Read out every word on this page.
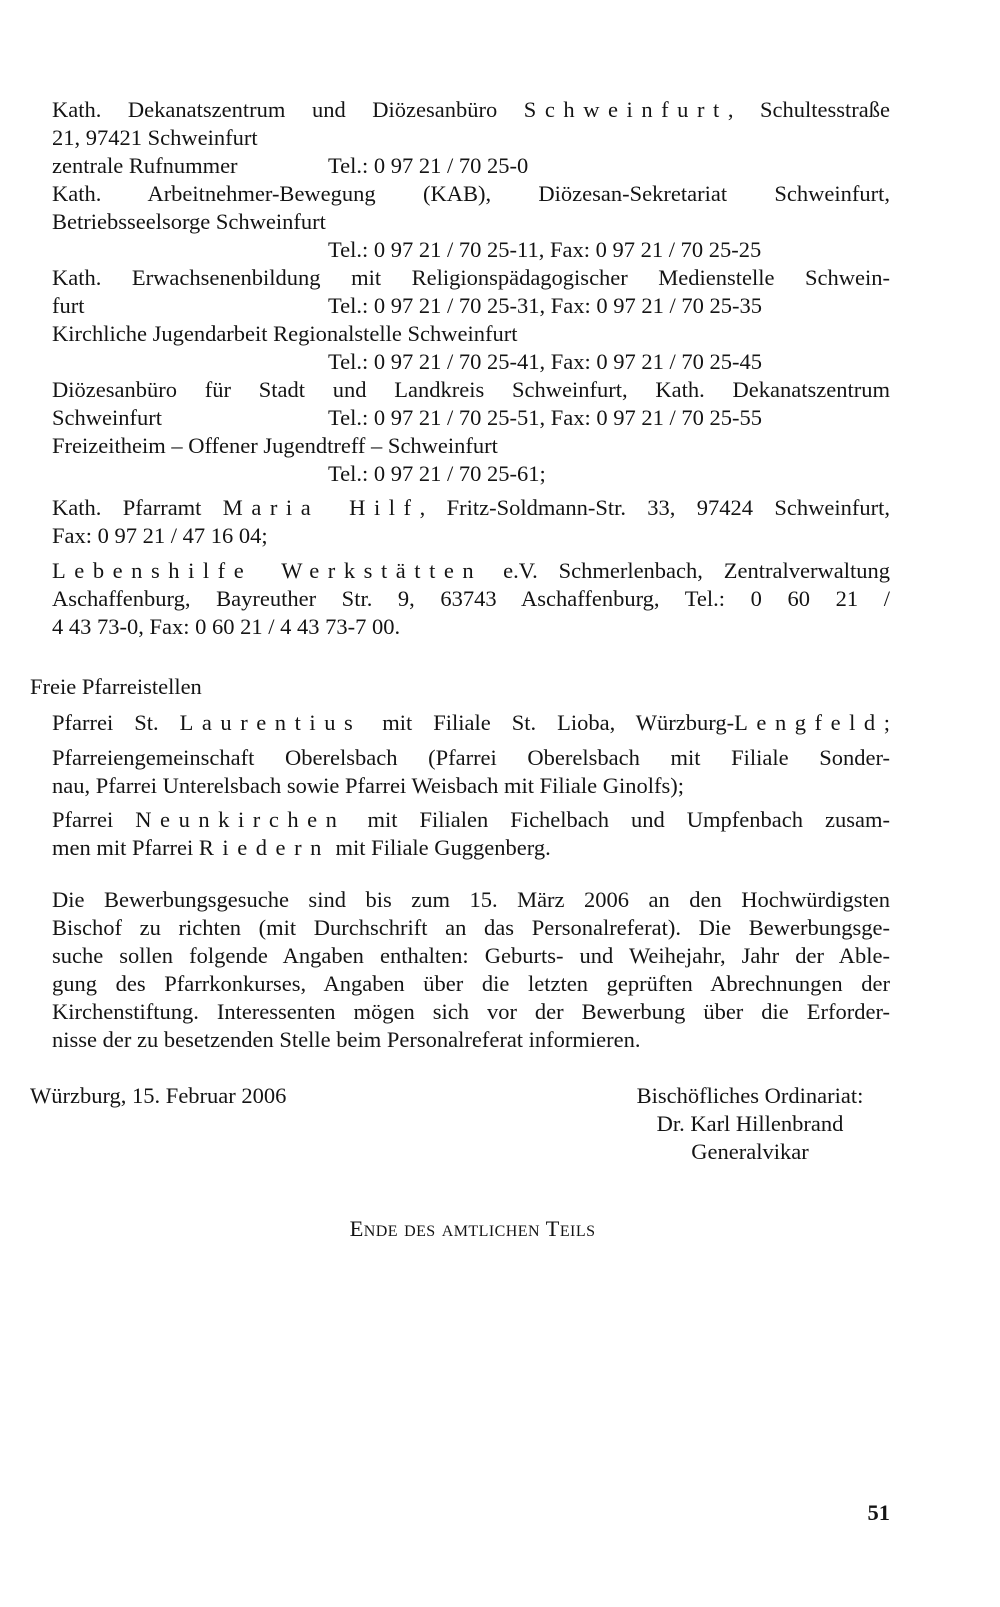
Kath. Dekanatszentrum und Diözesanbüro Schweinfurt, Schultesstraße
21, 97421 Schweinfurt
zentrale Rufnummer	Tel.: 0 97 21 / 70 25-0
Kath. Arbeitnehmer-Bewegung (KAB), Diözesan-Sekretariat Schweinfurt,
Betriebsseelsorge Schweinfurt
Tel.: 0 97 21 / 70 25-11, Fax: 0 97 21 / 70 25-25
Kath. Erwachsenenbildung mit Religionspädagogischer Medienstelle Schwein-
furt	Tel.: 0 97 21 / 70 25-31, Fax: 0 97 21 / 70 25-35
Kirchliche Jugendarbeit Regionalstelle Schweinfurt
Tel.: 0 97 21 / 70 25-41, Fax: 0 97 21 / 70 25-45
Diözesanbüro für Stadt und Landkreis Schweinfurt, Kath. Dekanatszentrum
Schweinfurt	Tel.: 0 97 21 / 70 25-51, Fax: 0 97 21 / 70 25-55
Freizeitheim – Offener Jugendtreff – Schweinfurt
Tel.: 0 97 21 / 70 25-61;
Kath. Pfarramt Maria Hilf, Fritz-Soldmann-Str. 33, 97424 Schweinfurt,
Fax: 0 97 21 / 47 16 04;
Lebenshilfe Werkstätten e.V. Schmerlenbach, Zentralverwaltung
Aschaffenburg, Bayreuther Str. 9, 63743 Aschaffenburg, Tel.: 0 60 21 /
4 43 73-0, Fax: 0 60 21 / 4 43 73-7 00.
Freie Pfarreistellen
Pfarrei St. Laurentius mit Filiale St. Lioba, Würzburg-Lengfeld;
Pfarreiengemeinschaft Oberelsbach (Pfarrei Oberelsbach mit Filiale Sonder-
nau, Pfarrei Unterelsbach sowie Pfarrei Weisbach mit Filiale Ginolfs);
Pfarrei Neunkirchen mit Filialen Fichelbach und Umpfenbach zusam-
men mit Pfarrei Riedern mit Filiale Guggenberg.
Die Bewerbungsgesuche sind bis zum 15. März 2006 an den Hochwürdigsten
Bischof zu richten (mit Durchschrift an das Personalreferat). Die Bewerbungsge-
suche sollen folgende Angaben enthalten: Geburts- und Weihejahr, Jahr der Able-
gung des Pfarrkonkurses, Angaben über die letzten geprüften Abrechnungen der
Kirchenstiftung. Interessenten mögen sich vor der Bewerbung über die Erforder-
nisse der zu besetzenden Stelle beim Personalreferat informieren.
Würzburg, 15. Februar 2006	Bischöfliches Ordinariat:
Dr. Karl Hillenbrand
Generalvikar
Ende des amtlichen Teils
51
